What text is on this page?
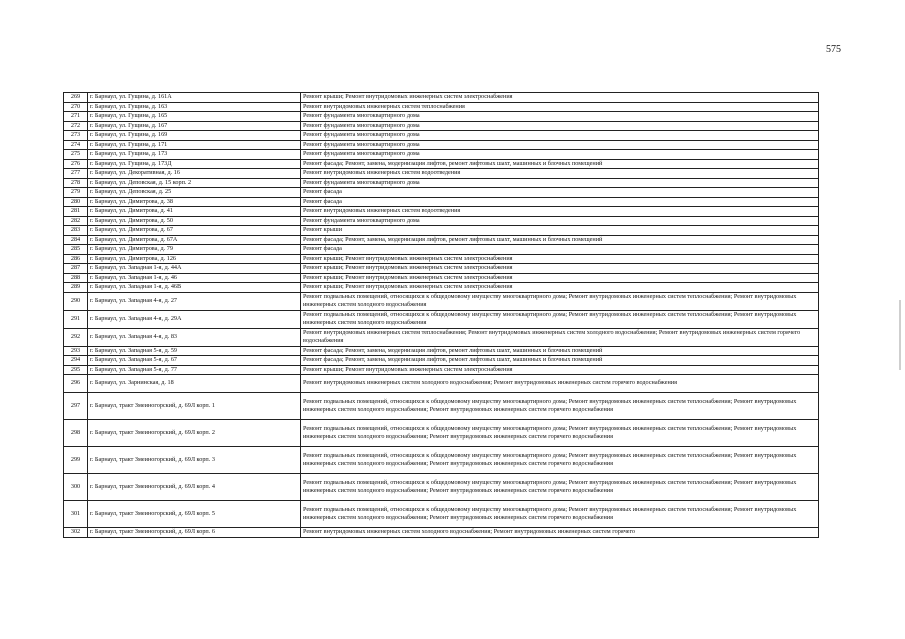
575
269	г. Барнаул, ул. Гущина, д. 161А	Ремонт крыши; Ремонт внутридомовых инженерных систем электроснабжения
270	г. Барнаул, ул. Гущина, д. 163	Ремонт внутридомовых инженерных систем теплоснабжения
271	г. Барнаул, ул. Гущина, д. 165	Ремонт фундамента многоквартирного дома
272	г. Барнаул, ул. Гущина, д. 167	Ремонт фундамента многоквартирного дома
273	г. Барнаул, ул. Гущина, д. 169	Ремонт фундамента многоквартирного дома
274	г. Барнаул, ул. Гущина, д. 171	Ремонт фундамента многоквартирного дома
275	г. Барнаул, ул. Гущина, д. 173	Ремонт фундамента многоквартирного дома
276	г. Барнаул, ул. Гущина, д. 173Д	Ремонт фасада; Ремонт, замена, модернизация лифтов, ремонт лифтовых шахт, машинных и блочных помещений
277	г. Барнаул, ул. Декоративная, д. 16	Ремонт внутридомовых инженерных систем водоотведения
278	г. Барнаул, ул. Деповская, д. 15 корп. 2	Ремонт фундамента многоквартирного дома
279	г. Барнаул, ул. Деповская, д. 25	Ремонт фасада
280	г. Барнаул, ул. Димитрова, д. 38	Ремонт фасада
281	г. Барнаул, ул. Димитрова, д. 41	Ремонт внутридомовых инженерных систем водоотведения
282	г. Барнаул, ул. Димитрова, д. 50	Ремонт фундамента многоквартирного дома
283	г. Барнаул, ул. Димитрова, д. 67	Ремонт крыши
284	г. Барнаул, ул. Димитрова, д. 67А	Ремонт фасада; Ремонт, замена, модернизация лифтов, ремонт лифтовых шахт, машинных и блочных помещений
285	г. Барнаул, ул. Димитрова, д. 79	Ремонт фасада
286	г. Барнаул, ул. Димитрова, д. 126	Ремонт крыши; Ремонт внутридомовых инженерных систем электроснабжения
287	г. Барнаул, ул. Западная 1-я, д. 44А	Ремонт крыши; Ремонт внутридомовых инженерных систем электроснабжения
288	г. Барнаул, ул. Западная 1-я, д. 46	Ремонт крыши; Ремонт внутридомовых инженерных систем электроснабжения
289	г. Барнаул, ул. Западная 1-я, д. 46В	Ремонт крыши; Ремонт внутридомовых инженерных систем электроснабжения
290	г. Барнаул, ул. Западная 4-я, д. 27	Ремонт подвальных помещений, относящихся к общедомовому имуществу многоквартирного дома; Ремонт внутридомовых инженерных систем теплоснабжения; Ремонт внутридомовых инженерных систем холодного водоснабжения
291	г. Барнаул, ул. Западная 4-я, д. 29А	Ремонт подвальных помещений, относящихся к общедомовому имуществу многоквартирного дома; Ремонт внутридомовых инженерных систем теплоснабжения; Ремонт внутридомовых инженерных систем холодного водоснабжения
292	г. Барнаул, ул. Западная 4-я, д. 83	Ремонт внутридомовых инженерных систем теплоснабжения; Ремонт внутридомовых инженерных систем холодного водоснабжения; Ремонт внутридомовых инженерных систем горячего водоснабжения
293	г. Барнаул, ул. Западная 5-я, д. 59	Ремонт фасада; Ремонт, замена, модернизация лифтов, ремонт лифтовых шахт, машинных и блочных помещений
294	г. Барнаул, ул. Западная 5-я, д. 67	Ремонт фасада; Ремонт, замена, модернизация лифтов, ремонт лифтовых шахт, машинных и блочных помещений
295	г. Барнаул, ул. Западная 5-я, д. 77	Ремонт крыши; Ремонт внутридомовых инженерных систем электроснабжения
296	г. Барнаул, ул. Зарнинская, д. 18	Ремонт внутридомовых инженерных систем холодного водоснабжения; Ремонт внутридомовых инженерных систем горячего водоснабжения
297	г. Барнаул, тракт Змеиногорский, д. 69Л корп. 1	Ремонт подвальных помещений, относящихся к общедомовому имуществу многоквартирного дома; Ремонт внутридомовых инженерных систем теплоснабжения; Ремонт внутридомовых инженерных систем холодного водоснабжения; Ремонт внутридомовых инженерных систем горячего водоснабжения
298	г. Барнаул, тракт Змеиногорский, д. 69Л корп. 2	Ремонт подвальных помещений, относящихся к общедомовому имуществу многоквартирного дома; Ремонт внутридомовых инженерных систем теплоснабжения; Ремонт внутридомовых инженерных систем холодного водоснабжения; Ремонт внутридомовых инженерных систем горячего водоснабжения
299	г. Барнаул, тракт Змеиногорский, д. 69Л корп. 3	Ремонт подвальных помещений, относящихся к общедомовому имуществу многоквартирного дома; Ремонт внутридомовых инженерных систем теплоснабжения; Ремонт внутридомовых инженерных систем холодного водоснабжения; Ремонт внутридомовых инженерных систем горячего водоснабжения
300	г. Барнаул, тракт Змеиногорский, д. 69Л корп. 4	Ремонт подвальных помещений, относящихся к общедомовому имуществу многоквартирного дома; Ремонт внутридомовых инженерных систем теплоснабжения; Ремонт внутридомовых инженерных систем холодного водоснабжения; Ремонт внутридомовых инженерных систем горячего водоснабжения
301	г. Барнаул, тракт Змеиногорский, д. 69Л корп. 5	Ремонт подвальных помещений, относящихся к общедомовому имуществу многоквартирного дома; Ремонт внутридомовых инженерных систем теплоснабжения; Ремонт внутридомовых инженерных систем холодного водоснабжения; Ремонт внутридомовых инженерных систем горячего водоснабжения
302	г. Барнаул, тракт Змеиногорский, д. 69Л корп. 6	Ремонт внутридомовых инженерных систем холодного водоснабжения; Ремонт внутридомовых инженерных систем горячего
